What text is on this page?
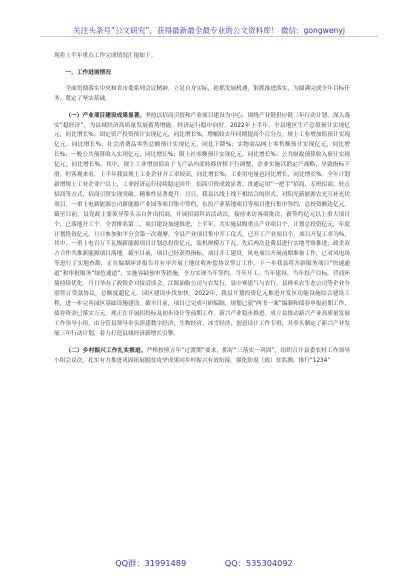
关注头条号“公文研究”，获得最新最全最专业的公文资料库！ 微信：gongwenyj

现将上半年重点工作完成情况汇报如下。

一、工作进展情况

全面贯彻落实中央和省市委系列会议精神，立足自身实际，抢抓发展机遇，狠抓推进落实，为圆满完成全年目标任务，奠定了坚实基础。

（一）产业项目建设成果显著。坚持以招商引资和产业项目建设为中心，围绕产业链供应链三年行动计划，深入落实“稳经济”，为县域经济高质量发展蓄势增能。经济运行稳中向好。2022年上半年，全县地区生产总值预计实现亿元，同比增长%；固定资产投资预计实现亿元，同比增长%，增幅较去年同期提高个百分点；规上工业增加值预计实现亿元，同比增长%；社会消费品零售总额预计实现亿元，同比下降%；实物商品网上零售额预计实现亿元，同比增长%；一般公共预算收入实现亿元，同比增长%；限上社零额预计实现亿元，同比增长%；公共财政预算收入预计实现亿元，同比增长%。其中，规上工业增加值由于飞产品内部转移价格下行调整，企业实施以销定产战略，导致指标下滑。但客观来看，上半年我县规上工业企业开工率较高，同比增长%，工业用电量也同比增长，同比增长%。全年计划新增规上工业企业户以上，工业经济运行持续稳定回升。招商引资成效显著。贯通运用“一把手”招商、专班招商、驻点招商等方式，招商引资实现突破，精准性显著提升。月日，我县以线上线下相结合的形式，对阳光新能源农光互补光伏项目、一重上电新能源公司新能源产业园等项目集中签约，东投产业基地项目等项目进行集中签约，总投资额达亿元。截至目前，县党政主要领导带头亲自外出招商，开展招商拜访活动次，接待来访客商批次，新签约亿元以上重大项目个，已落地开工个。全省排名第二，项目建设加速推进，上半年，共实施县级重点产业项目个，计划总投资亿元，年度计划投资亿元，月日参加和平分会第一次观摩，全县产业项目集中开工仪式，已开工产业项目个，项目开复工率为%，其中，一重上电百万千瓦级新能源项目计划总投资亿元，装机规模万千瓦，先后两次赴我县进行实地考察推进，政企双方合作共推新能源项目落地。截至目前，项目已经获得指标，项目开工建设，风电项目开展前期准备工作，已对风电场等进行了实地查勘，正在编制环评报告并有序开展土地征收补偿协议签订工作，下一步我县将开辟服务项目“快速通道”和审批服务“绿色通道”，实施容缺预审等措施，全力实现当年签约、当年开工、当年建设、当年投产目标。营商环境持续优化。月日举办了政银企对接洽谈会，江源油脂公司与农发行，县中赛恩气与农行，县禅禾农生态公司等企业分别签订贷款协议，总额度超亿元。园区建设步伐加快。2022年，我县计划投资亿元推进开发区功能设施综合建设工程，进一步完善园区基础设施建设。截至目前，项目已完成可研编制，规划已获“两书一案”编制和债券申报前期工作，债券资金已落实万元。现正在开展招投标及初步设计等前期工作。新兴产业稳步推进。成立县推动新兴产业高质量发展工作领导小组，由分管县领导牵头组建数字经济、生物经济、冰雪经济、创意设计工作专班，并牵头制定了新兴产业发展三年行动计划，着力打造县域经济新增长引擎。

（二）乡村振兴工作扎实推进。严格按照五年“过渡期”要求，抓好“三落实一巩固”，组织召开县委农村工作领导小组会议次，扎实有力推进巩固拓展脱贫攻坚成果同乡村振兴有效衔接。强化防返（致）贫监测，推行“1234”

QQ群：31991489	QQ：535304092
